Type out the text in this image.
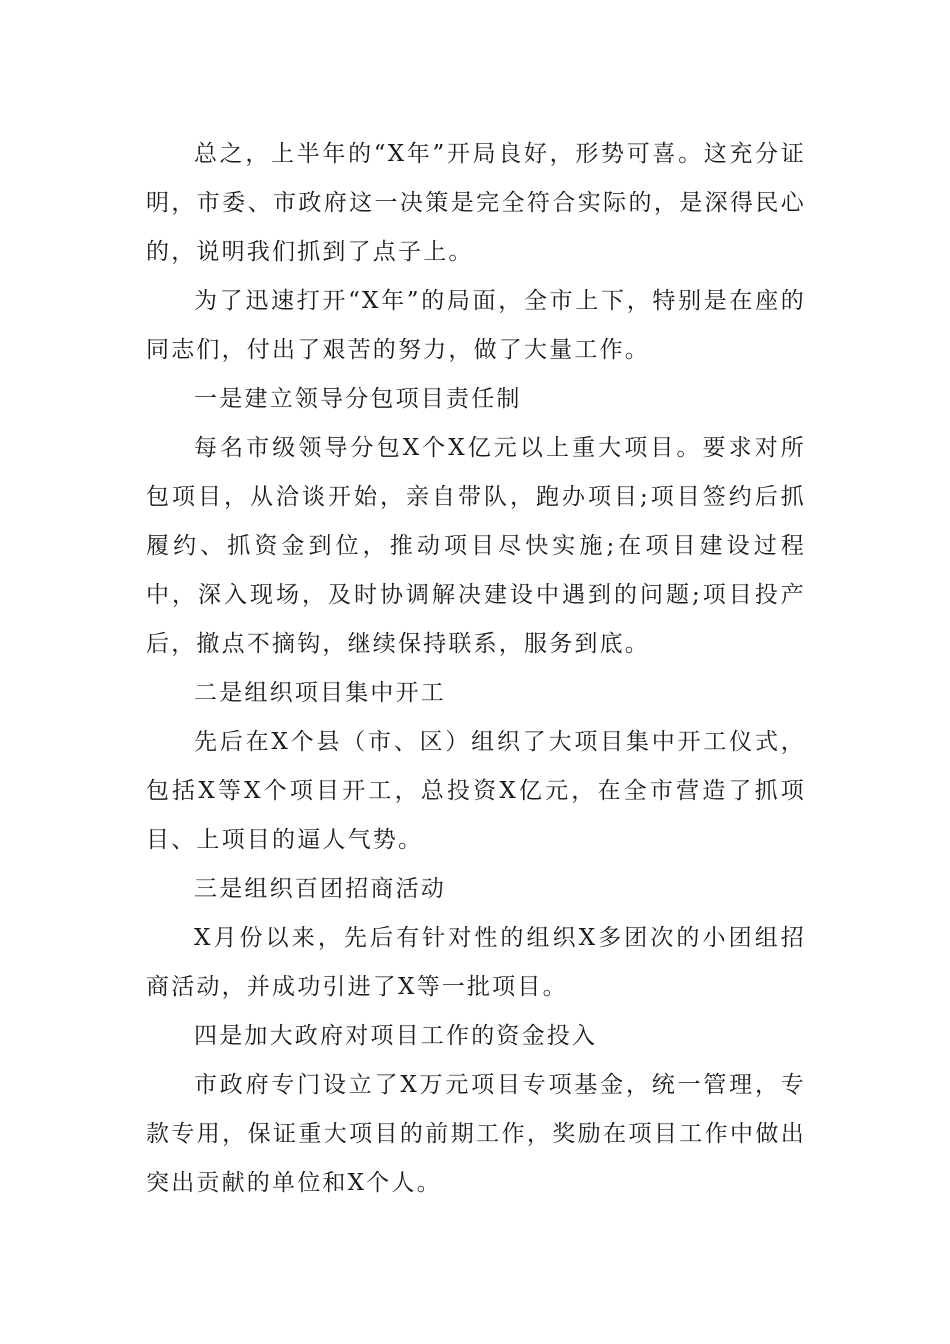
总之，上半年的“X年”开局良好，形势可喜。这充分证明，市委、市政府这一决策是完全符合实际的，是深得民心的，说明我们抓到了点子上。

为了迅速打开“X年”的局面，全市上下，特别是在座的同志们，付出了艰苦的努力，做了大量工作。

一是建立领导分包项目责任制

每名市级领导分包X个X亿元以上重大项目。要求对所包项目，从洽谈开始，亲自带队，跑办项目;项目签约后抓履约、抓资金到位，推动项目尽快实施;在项目建设过程中，深入现场，及时协调解决建设中遇到的问题;项目投产后，撤点不摘钩，继续保持联系，服务到底。

二是组织项目集中开工

先后在X个县（市、区）组织了大项目集中开工仪式，包括X等X个项目开工，总投资X亿元，在全市营造了抓项目、上项目的逼人气势。

三是组织百团招商活动

X月份以来，先后有针对性的组织X多团次的小团组招商活动，并成功引进了X等一批项目。

四是加大政府对项目工作的资金投入

市政府专门设立了X万元项目专项基金，统一管理，专款专用，保证重大项目的前期工作，奖励在项目工作中做出突出贡献的单位和X个人。
